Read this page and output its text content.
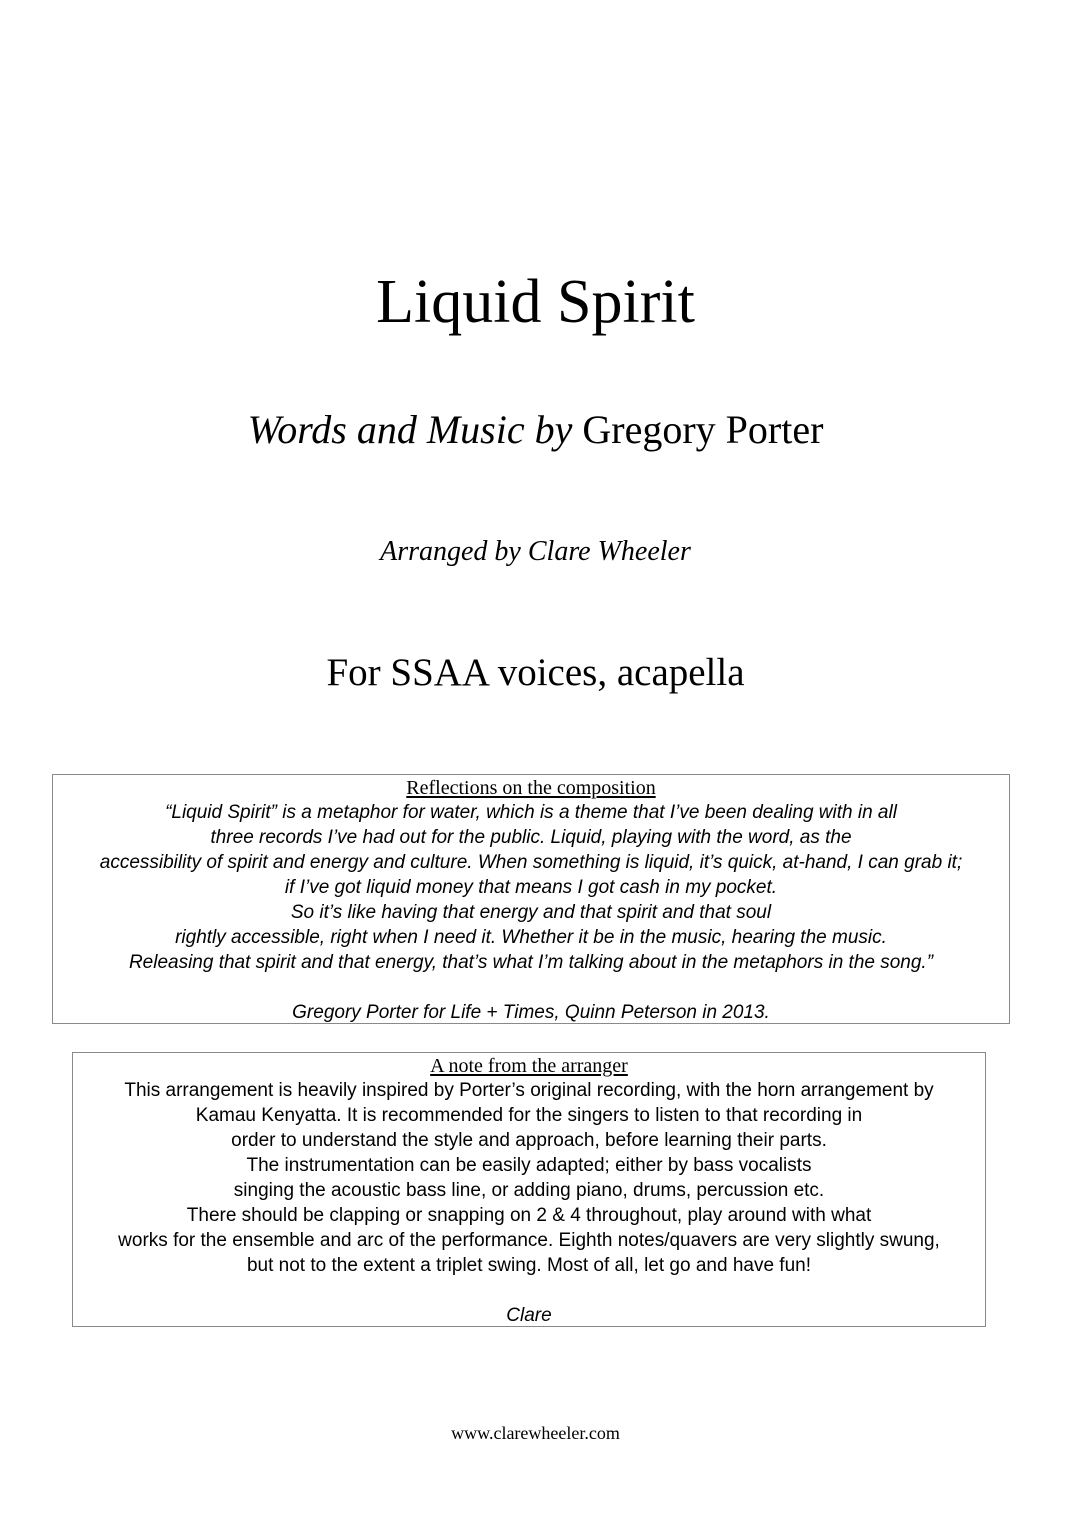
Liquid Spirit
Words and Music by Gregory Porter
Arranged by Clare Wheeler
For SSAA voices, acapella
Reflections on the composition
“Liquid Spirit” is a metaphor for water, which is a theme that I’ve been dealing with in all
three records I’ve had out for the public. Liquid, playing with the word, as the
accessibility of spirit and energy and culture. When something is liquid, it’s quick, at-hand, I can grab it;
if I’ve got liquid money that means I got cash in my pocket.
So it’s like having that energy and that spirit and that soul
rightly accessible, right when I need it. Whether it be in the music, hearing the music.
Releasing that spirit and that energy, that’s what I’m talking about in the metaphors in the song.”
Gregory Porter for Life + Times, Quinn Peterson in 2013.
A note from the arranger
This arrangement is heavily inspired by Porter’s original recording, with the horn arrangement by
Kamau Kenyatta. It is recommended for the singers to listen to that recording in
order to understand the style and approach, before learning their parts.
The instrumentation can be easily adapted; either by bass vocalists
singing the acoustic bass line, or adding piano, drums, percussion etc.
There should be clapping or snapping on 2 & 4 throughout, play around with what
works for the ensemble and arc of the performance. Eighth notes/quavers are very slightly swung,
but not to the extent a triplet swing. Most of all, let go and have fun!
Clare
www.clarewheeler.com
